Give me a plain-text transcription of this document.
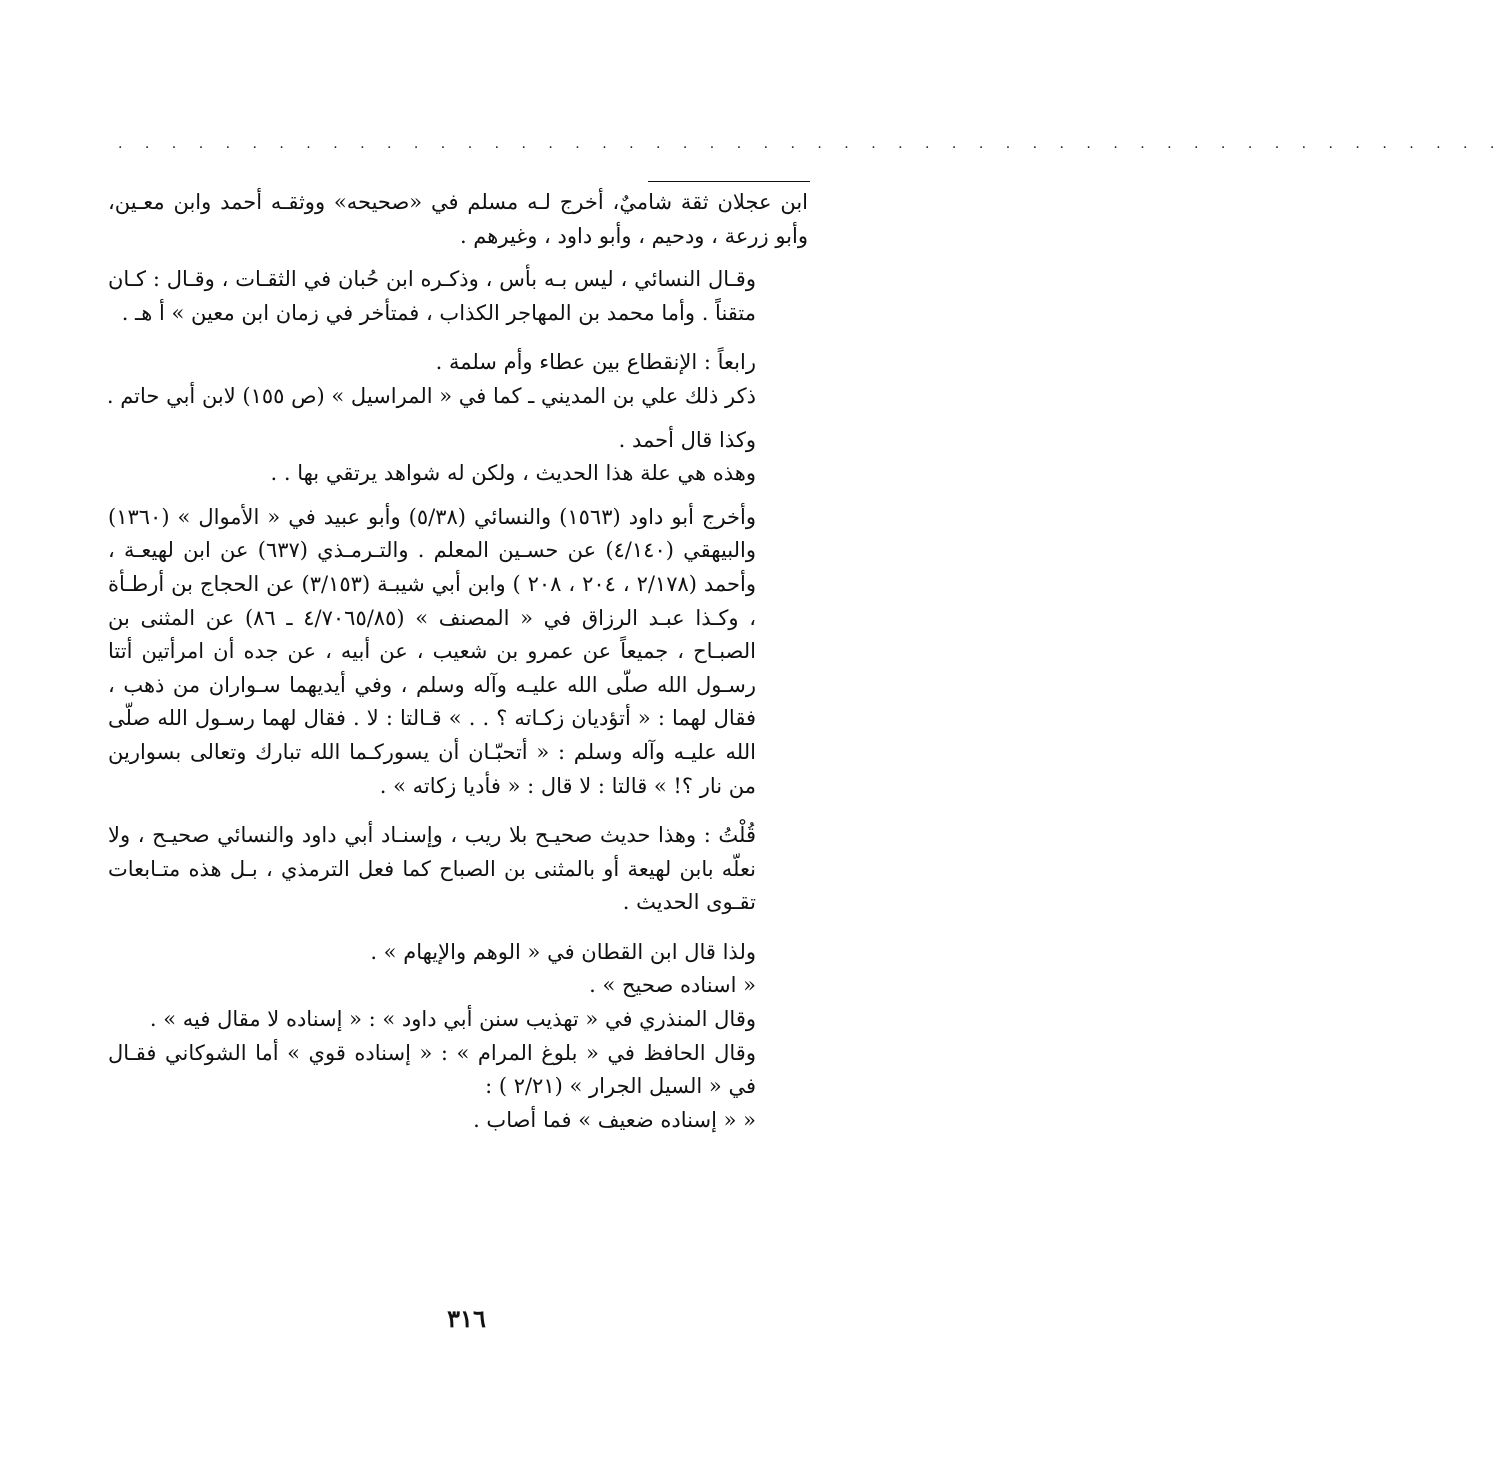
. . . . . . . . . . . . . . . . . . . . . . . . . . . . . . . . . . . . . . . . . . . . . . . . . . . .

ابن عجلان ثقة شاميٌ، أخرج لـه مسلم في «صحيحه» ووثقـه أحمد وابن معـين، وأبو زرعة ، ودحيم ، وأبو داود ، وغيرهم .

وقـال النسائي ، ليس بـه بأس ، وذكـره ابن حُبان في الثقـات ، وقـال : كـان متقناً . وأما محمد بن المهاجر الكذاب ، فمتأخر في زمان ابن معين » أ هـ .

رابعاً : الإنقطاع بين عطاء وأم سلمة .

ذكر ذلك علي بن المديني ـ كما في « المراسيل » (ص ١٥٥) لابن أبي حاتم .

وكذا قال أحمد .

وهذه هي علة هذا الحديث ، ولكن له شواهد يرتقي بها . .

وأخرج أبو داود (١٥٦٣) والنسائي (٥/٣٨) وأبو عبيد في « الأموال » (١٣٦٠) والبيهقي (٤/١٤٠) عن حسـين المعلم . والتـرمـذي (٦٣٧) عن ابن لهيعـة ، وأحمد (٢/١٧٨ ، ٢٠٤ ، ٢٠٨ ) وابن أبي شيبـة (٣/١٥٣) عن الحجاج بن أرطـأة ، وكـذا عبـد الرزاق في « المصنف » (٤/٧٠٦٥/٨٥ ـ ٨٦) عن المثنى بن الصبـاح ، جميعاً عن عمرو بن شعيب ، عن أبيه ، عن جده أن امرأتين أتتا رسـول الله صلّى الله عليـه وآله وسلم ، وفي أيديهما سـواران من ذهب ، فقال لهما : « أتؤديان زكـاته ؟ . . » قـالتا : لا . فقال لهما رسـول الله صلّى الله عليـه وآله وسلم : « أتحبّـان أن يسوركـما الله تبارك وتعالى بسوارين من نار ؟! » قالتا : لا قال : « فأديا زكاته » .

قُلْتُ : وهذا حديث صحيـح بلا ريب ، وإسنـاد أبي داود والنسائي صحيـح ، ولا نعلّه بابن لهيعة أو بالمثنى بن الصباح كما فعل الترمذي ، بـل هذه متـابعات تقـوى الحديث .

ولذا قال ابن القطان في « الوهم والإيهام » .

« اسناده صحيح » .

وقال المنذري في « تهذيب سنن أبي داود » : « إسناده لا مقال فيه » .

وقال الحافظ في « بلوغ المرام » : « إسناده قوي » أما الشوكاني فقـال في « السيل الجرار » (٢/٢١ ) :

« « إسناده ضعيف » فما أصاب .

٣١٦
